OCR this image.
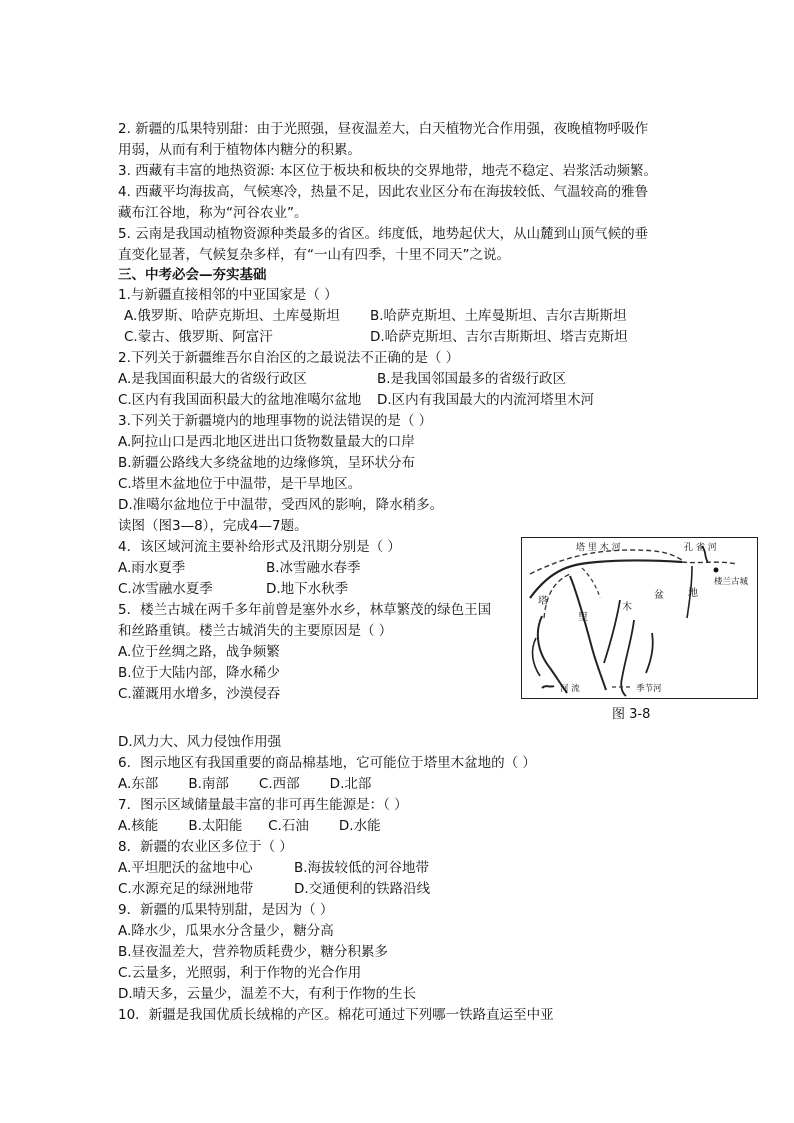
2. 新疆的瓜果特别甜：由于光照强，昼夜温差大，白天植物光合作用强，夜晚植物呼吸作
用弱，从而有利于植物体内糖分的积累。
3. 西藏有丰富的地热资源: 本区位于板块和板块的交界地带，地壳不稳定、岩浆活动频繁。
4. 西藏平均海拔高，气候寒冷，热量不足，因此农业区分布在海拔较低、气温较高的雅鲁
藏布江谷地，称为“河谷农业”。
5. 云南是我国动植物资源种类最多的省区。纬度低，地势起伏大，从山麓到山顶气候的垂
直变化显著，气候复杂多样，有“一山有四季，十里不同天”之说。
三、中考必会—夯实基础
1.与新疆直接相邻的中亚国家是（ ）
A.俄罗斯、哈萨克斯坦、土库曼斯坦 B.哈萨克斯坦、土库曼斯坦、吉尔吉斯斯坦
C.蒙古、俄罗斯、阿富汗	D.哈萨克斯坦、吉尔吉斯斯坦、塔吉克斯坦
2.下列关于新疆维吾尔自治区的之最说法不正确的是（ ）
A.是我国面积最大的省级行政区	B.是我国邻国最多的省级行政区
C.区内有我国面积最大的盆地准噶尔盆地 D.区内有我国最大的内流河塔里木河
3.下列关于新疆境内的地理事物的说法错误的是（ ）
A.阿拉山口是西北地区进出口货物数量最大的口岸
B.新疆公路线大多绕盆地的边缘修筑，呈环状分布
C.塔里木盆地位于中温带，是干旱地区。
D.准噶尔盆地位于中温带，受西风的影响，降水稍多。
读图（图3—8），完成4—7题。
4．该区域河流主要补给形式及汛期分别是（ ）
A.雨水夏季	B.冰雪融水春季
C.冰雪融水夏季	D.地下水秋季
5．楼兰古城在两千多年前曾是塞外水乡，林草繁茂的绿色王国
和丝路重镇。楼兰古城消失的主要原因是（ ）
A.位于丝绸之路，战争频繁
B.位于大陆内部，降水稀少
C.灌溉用水增多，沙漠侵吞
塔 里 木 河	孔 雀 河
楼兰古城
塔
里
木
盆 地
河 流	季节河
图 3-8
D.风力大、风力侵蚀作用强
6．图示地区有我国重要的商品棉基地，它可能位于塔里木盆地的（ ）
A.东部       B.南部       C.西部       D.北部
7．图示区域储量最丰富的非可再生能源是：（ ）
A.核能       B.太阳能      C.石油       D.水能
8．新疆的农业区多位于（ ）
A.平坦肥沃的盆地中心	B.海拔较低的河谷地带
C.水源充足的绿洲地带	D.交通便利的铁路沿线
9．新疆的瓜果特别甜，是因为（ ）
A.降水少，瓜果水分含量少，糖分高
B.昼夜温差大，营养物质耗费少，糖分积累多
C.云量多，光照弱，利于作物的光合作用
D.晴天多，云量少，温差不大，有利于作物的生长
10．新疆是我国优质长绒棉的产区。棉花可通过下列哪一铁路直运至中亚
